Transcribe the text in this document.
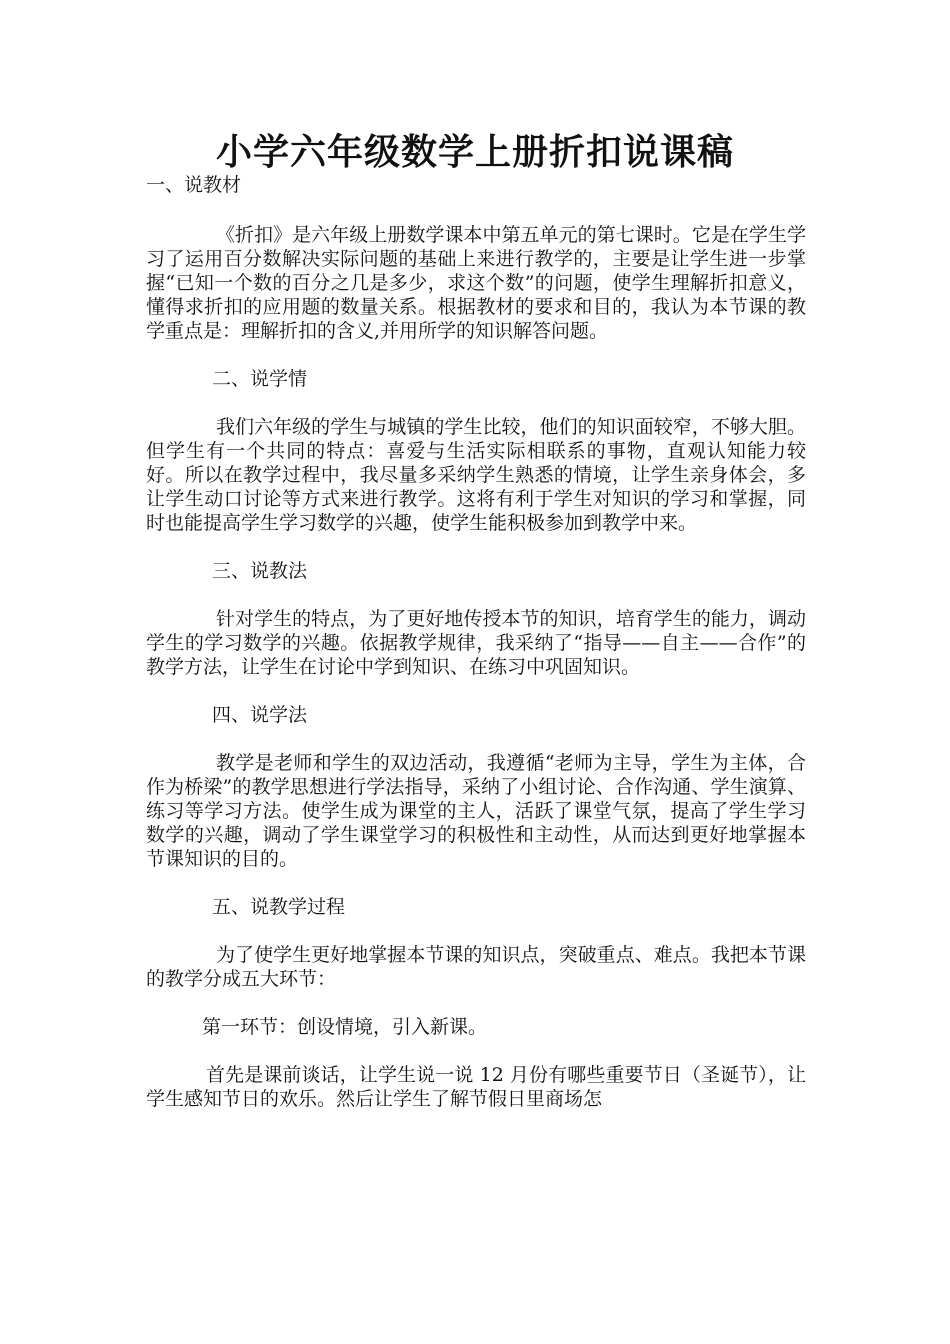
小学六年级数学上册折扣说课稿
一、说教材

《折扣》是六年级上册数学课本中第五单元的第七课时。它是在学生学习了运用百分数解决实际问题的基础上来进行教学的，主要是让学生进一步掌握“已知一个数的百分之几是多少，求这个数”的问题，使学生理解折扣意义，懂得求折扣的应用题的数量关系。根据教材的要求和目的，我认为本节课的教学重点是：理解折扣的含义,并用所学的知识解答问题。

二、说学情

我们六年级的学生与城镇的学生比较，他们的知识面较窄，不够大胆。但学生有一个共同的特点：喜爱与生活实际相联系的事物，直观认知能力较好。所以在教学过程中，我尽量多采纳学生熟悉的情境，让学生亲身体会，多让学生动口讨论等方式来进行教学。这将有利于学生对知识的学习和掌握，同时也能提高学生学习数学的兴趣，使学生能积极参加到教学中来。

三、说教法

针对学生的特点，为了更好地传授本节的知识，培育学生的能力，调动学生的学习数学的兴趣。依据教学规律，我采纳了“指导——自主——合作”的教学方法，让学生在讨论中学到知识、在练习中巩固知识。

四、说学法

教学是老师和学生的双边活动，我遵循“老师为主导，学生为主体，合作为桥梁”的教学思想进行学法指导，采纳了小组讨论、合作沟通、学生演算、练习等学习方法。使学生成为课堂的主人，活跃了课堂气氛，提高了学生学习数学的兴趣，调动了学生课堂学习的积极性和主动性，从而达到更好地掌握本节课知识的目的。

五、说教学过程

为了使学生更好地掌握本节课的知识点，突破重点、难点。我把本节课的教学分成五大环节：

第一环节：创设情境，引入新课。

首先是课前谈话，让学生说一说 12 月份有哪些重要节日（圣诞节），让学生感知节日的欢乐。然后让学生了解节假日里商场怎
